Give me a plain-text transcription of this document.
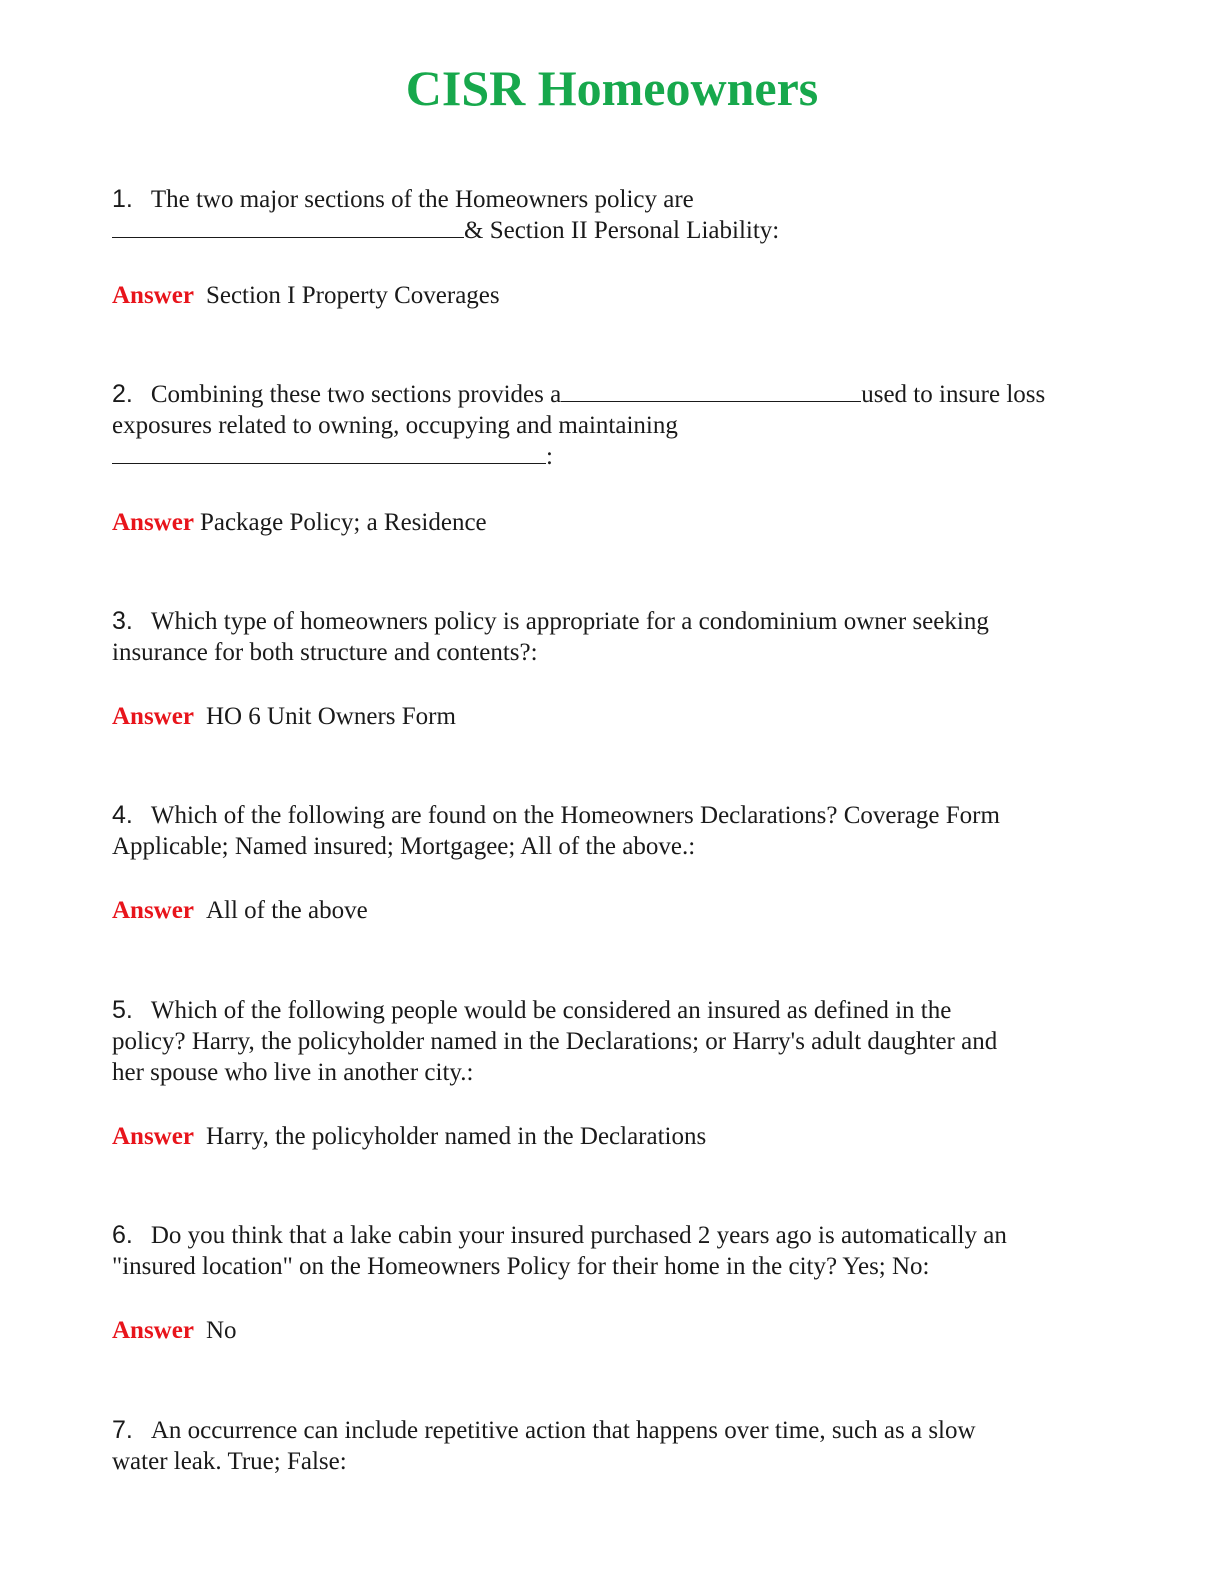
CISR Homeowners
1. The two major sections of the Homeowners policy are
& Section II Personal Liability:
Answer Section I Property Coverages
2. Combining these two sections provides a	used to insure loss
exposures related to owning, occupying and maintaining
:
Answer Package Policy; a Residence
3. Which type of homeowners policy is appropriate for a condominium owner seeking
insurance for both structure and contents?:
Answer HO 6 Unit Owners Form
4. Which of the following are found on the Homeowners Declarations? Coverage Form
Applicable; Named insured; Mortgagee; All of the above.:
Answer All of the above
5. Which of the following people would be considered an insured as defined in the
policy? Harry, the policyholder named in the Declarations; or Harry's adult daughter and
her spouse who live in another city.:
Answer Harry, the policyholder named in the Declarations
6. Do you think that a lake cabin your insured purchased 2 years ago is automatically an
"insured location" on the Homeowners Policy for their home in the city? Yes; No:
Answer No
7. An occurrence can include repetitive action that happens over time, such as a slow
water leak. True; False:
